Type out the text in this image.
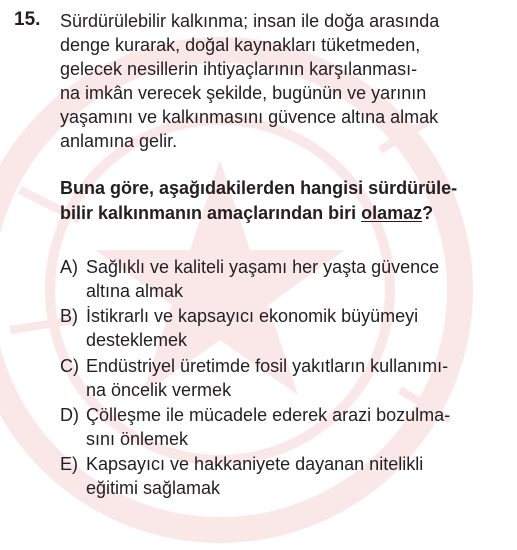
15. Sürdürülebilir kalkınma; insan ile doğa arasında
denge kurarak, doğal kaynakları tüketmeden,
gelecek nesillerin ihtiyaçlarının karşılanması-
na imkân verecek şekilde, bugünün ve yarının
yaşamını ve kalkınmasını güvence altına almak
anlamına gelir.
Buna göre, aşağıdakilerden hangisi sürdürüle-
bilir kalkınmanın amaçlarından biri olamaz?
A) Sağlıklı ve kaliteli yaşamı her yaşta güvence
altına almak
B) İstikrarlı ve kapsayıcı ekonomik büyümeyi
desteklemek
C) Endüstriyel üretimde fosil yakıtların kullanımı-
na öncelik vermek
D) Çölleşme ile mücadele ederek arazi bozulma-
sını önlemek
E) Kapsayıcı ve hakkaniyete dayanan nitelikli
eğitimi sağlamak
